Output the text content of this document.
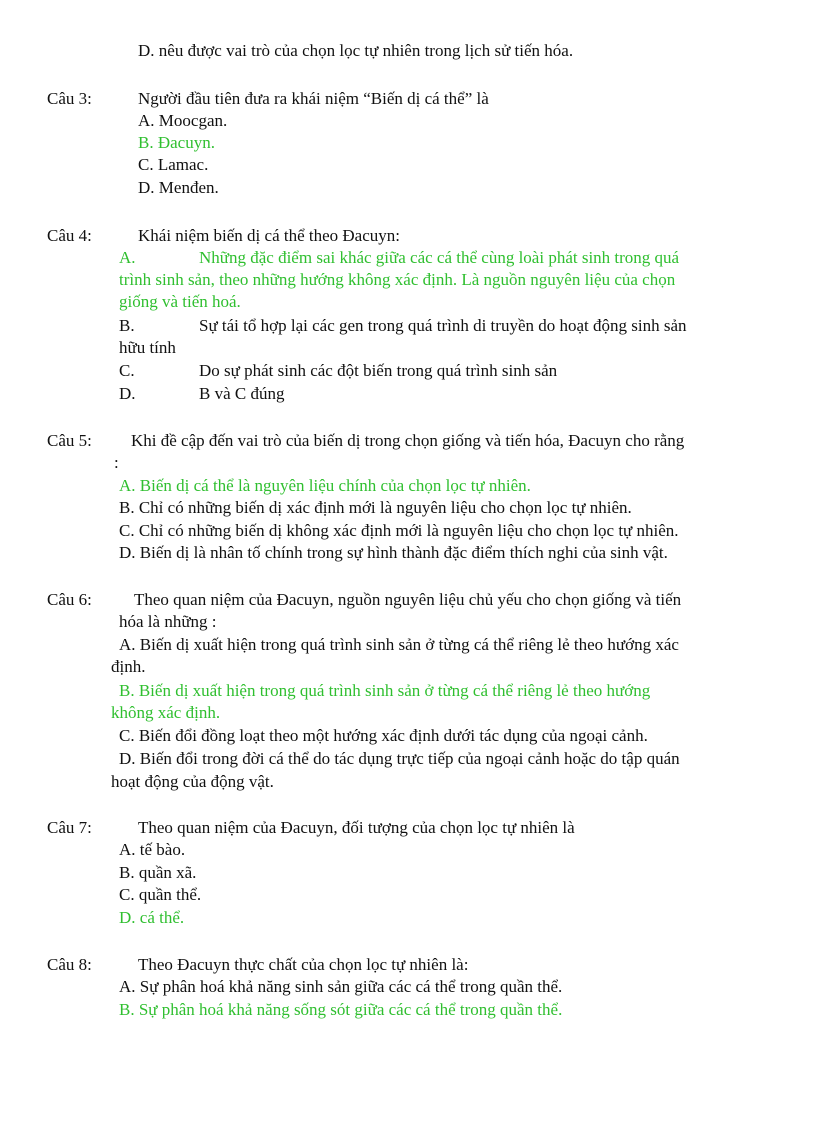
D. nêu được vai trò của chọn lọc tự nhiên trong lịch sử tiến hóa.
Câu 3:	Người đầu tiên đưa ra khái niệm “Biến dị cá thể” là
A. Moocgan.
B. Đacuyn.
C. Lamac.
D. Menđen.
Câu 4:	Khái niệm biến dị cá thể theo Đacuyn:
A.	Những đặc điểm sai khác giữa các cá thể cùng loài phát sinh trong quá
trình sinh sản, theo những hướng không xác định. Là nguồn nguyên liệu của chọn
giống và tiến hoá.
B.	Sự tái tổ hợp lại các gen trong quá trình di truyền do hoạt động sinh sản
hữu tính
C.	Do sự phát sinh các đột biến trong quá trình sinh sản
D.	B và C đúng
Câu 5: Khi đề cập đến vai trò của biến dị trong chọn giống và tiến hóa, Đacuyn cho rằng
:
A. Biến dị cá thể là nguyên liệu chính của chọn lọc tự nhiên.
B. Chỉ có những biến dị xác định mới là nguyên liệu cho chọn lọc tự nhiên.
C. Chỉ có những biến dị không xác định mới là nguyên liệu cho chọn lọc tự nhiên.
D. Biến dị là nhân tố chính trong sự hình thành đặc điểm thích nghi của sinh vật.
Câu 6: Theo quan niệm của Đacuyn, nguồn nguyên liệu chủ yếu cho chọn giống và tiến
hóa là những :
A. Biến dị xuất hiện trong quá trình sinh sản ở từng cá thể riêng lẻ theo hướng xác
định.
B. Biến dị xuất hiện trong quá trình sinh sản ở từng cá thể riêng lẻ theo hướng
không xác định.
C. Biến đổi đồng loạt theo một hướng xác định dưới tác dụng của ngoại cảnh.
D. Biến đổi trong đời cá thể do tác dụng trực tiếp của ngoại cảnh hoặc do tập quán
hoạt động của động vật.
Câu 7:	Theo quan niệm của Đacuyn, đối tượng của chọn lọc tự nhiên là
A. tế bào.
B. quần xã.
C. quần thể.
D. cá thể.
Câu 8:	Theo Đacuyn thực chất của chọn lọc tự nhiên là:
A. Sự phân hoá khả năng sinh sản giữa các cá thể trong quần thể.
B. Sự phân hoá khả năng sống sót giữa các cá thể trong quần thể.
